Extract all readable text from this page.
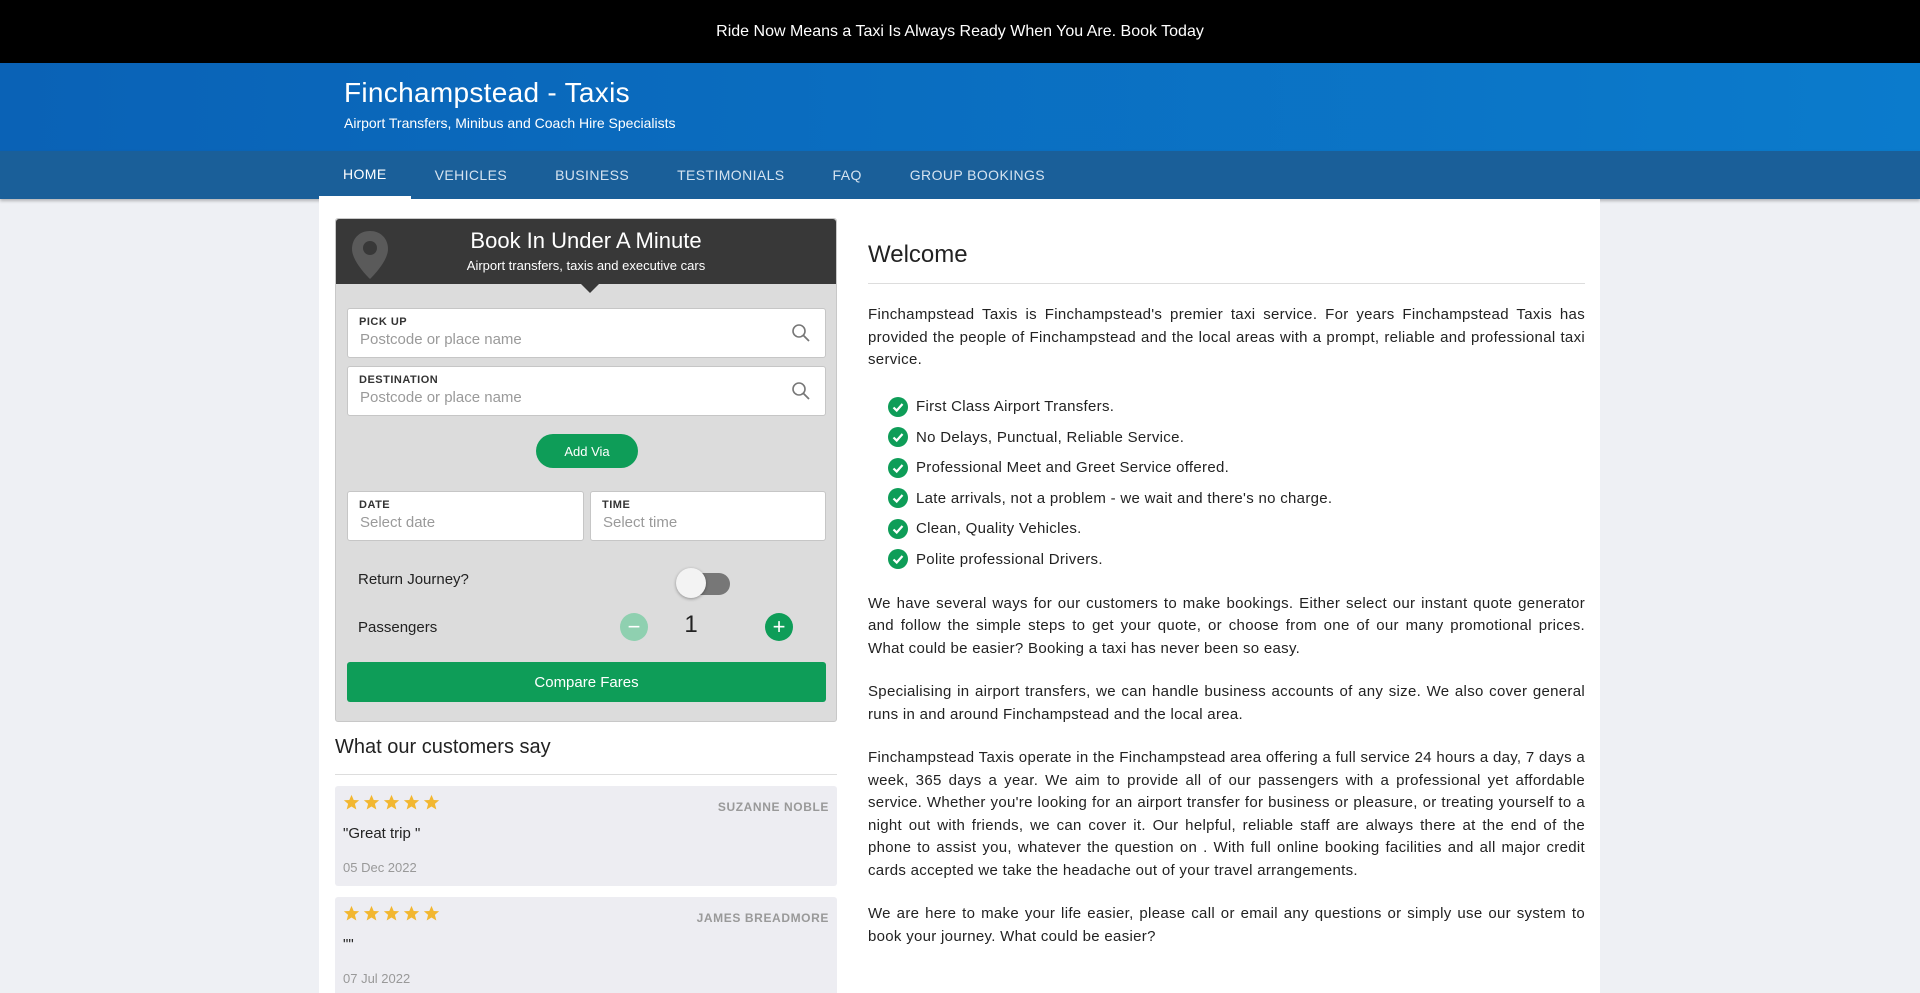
Ride Now Means a Taxi Is Always Ready When You Are. Book Today
Finchampstead - Taxis
Airport Transfers, Minibus and Coach Hire Specialists
HOME	VEHICLES	BUSINESS	TESTIMONIALS	FAQ	GROUP BOOKINGS
Book In Under A Minute
Airport transfers, taxis and executive cars
PICK UP
Postcode or place name
DESTINATION
Postcode or place name
Add Via
DATE
Select date	TIME
Select time
Return Journey?
Passengers	−	1	+
Compare Fares
What our customers say
SUZANNE NOBLE
"Great trip "
05 Dec 2022
JAMES BREADMORE
""
07 Jul 2022
Welcome

Finchampstead Taxis is Finchampstead's premier taxi service. For years Finchampstead Taxis has provided the people of Finchampstead and the local areas with a prompt, reliable and professional taxi service.

First Class Airport Transfers.
No Delays, Punctual, Reliable Service.
Professional Meet and Greet Service offered.
Late arrivals, not a problem - we wait and there's no charge.
Clean, Quality Vehicles.
Polite professional Drivers.

We have several ways for our customers to make bookings. Either select our instant quote generator and follow the simple steps to get your quote, or choose from one of our many promotional prices. What could be easier? Booking a taxi has never been so easy.

Specialising in airport transfers, we can handle business accounts of any size. We also cover general runs in and around Finchampstead and the local area.

Finchampstead Taxis operate in the Finchampstead area offering a full service 24 hours a day, 7 days a week, 365 days a year. We aim to provide all of our passengers with a professional yet affordable service. Whether you're looking for an airport transfer for business or pleasure, or treating yourself to a night out with friends, we can cover it. Our helpful, reliable staff are always there at the end of the phone to assist you, whatever the question on . With full online booking facilities and all major credit cards accepted we take the headache out of your travel arrangements.

We are here to make your life easier, please call or email any questions or simply use our system to book your journey. What could be easier?
